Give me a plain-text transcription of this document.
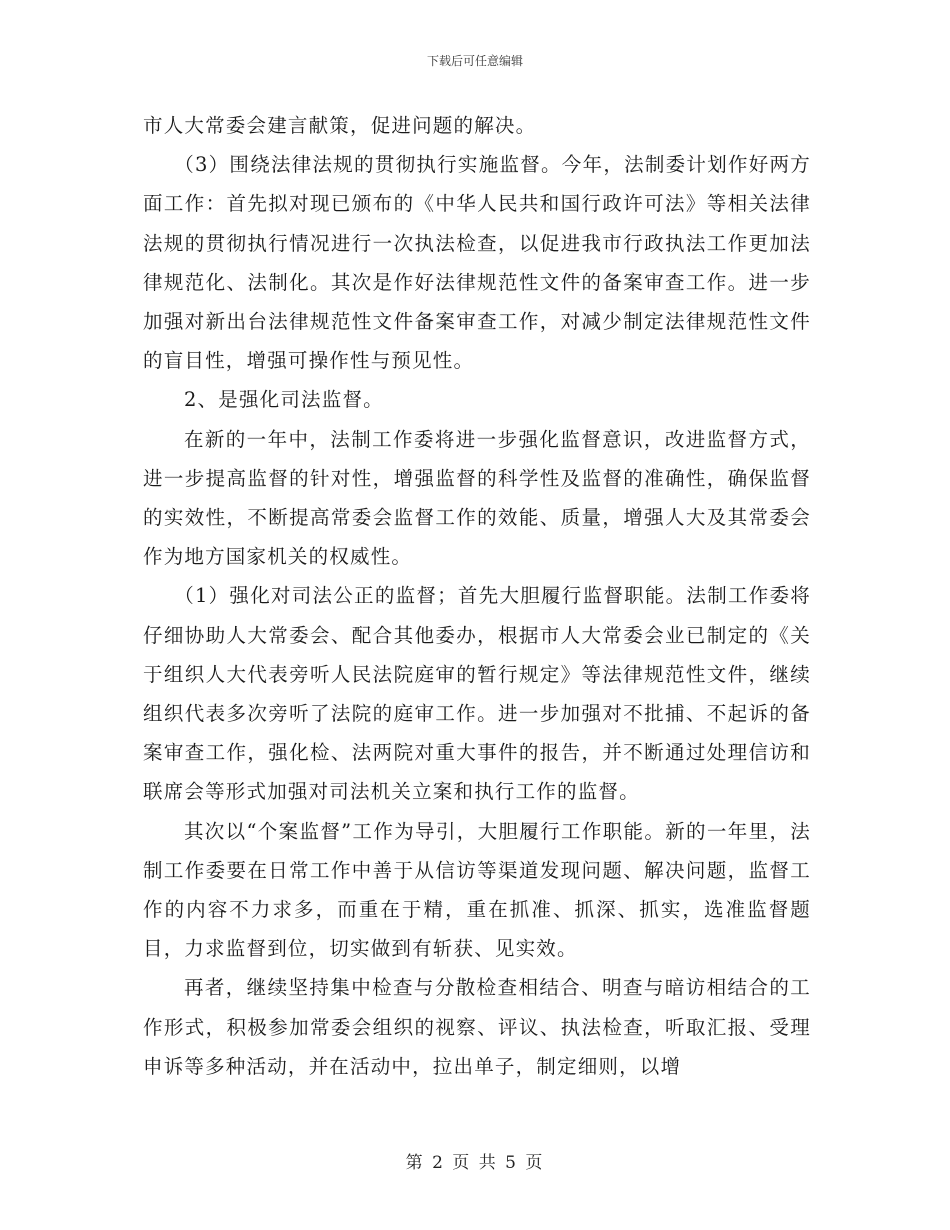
下载后可任意编辑

市人大常委会建言献策，促进问题的解决。

（3）围绕法律法规的贯彻执行实施监督。今年，法制委计划作好两方面工作：首先拟对现已颁布的《中华人民共和国行政许可法》等相关法律法规的贯彻执行情况进行一次执法检查，以促进我市行政执法工作更加法律规范化、法制化。其次是作好法律规范性文件的备案审查工作。进一步加强对新出台法律规范性文件备案审查工作，对减少制定法律规范性文件的盲目性，增强可操作性与预见性。

2、是强化司法监督。

在新的一年中，法制工作委将进一步强化监督意识，改进监督方式，进一步提高监督的针对性，增强监督的科学性及监督的准确性，确保监督的实效性，不断提高常委会监督工作的效能、质量，增强人大及其常委会作为地方国家机关的权威性。

（1）强化对司法公正的监督；首先大胆履行监督职能。法制工作委将仔细协助人大常委会、配合其他委办，根据市人大常委会业已制定的《关于组织人大代表旁听人民法院庭审的暂行规定》等法律规范性文件，继续组织代表多次旁听了法院的庭审工作。进一步加强对不批捕、不起诉的备案审查工作，强化检、法两院对重大事件的报告，并不断通过处理信访和联席会等形式加强对司法机关立案和执行工作的监督。

其次以“个案监督”工作为导引，大胆履行工作职能。新的一年里，法制工作委要在日常工作中善于从信访等渠道发现问题、解决问题，监督工作的内容不力求多，而重在于精，重在抓准、抓深、抓实，选准监督题目，力求监督到位，切实做到有斩获、见实效。

再者，继续坚持集中检查与分散检查相结合、明查与暗访相结合的工作形式，积极参加常委会组织的视察、评议、执法检查，听取汇报、受理申诉等多种活动，并在活动中，拉出单子，制定细则，以增

第 2 页 共 5 页
